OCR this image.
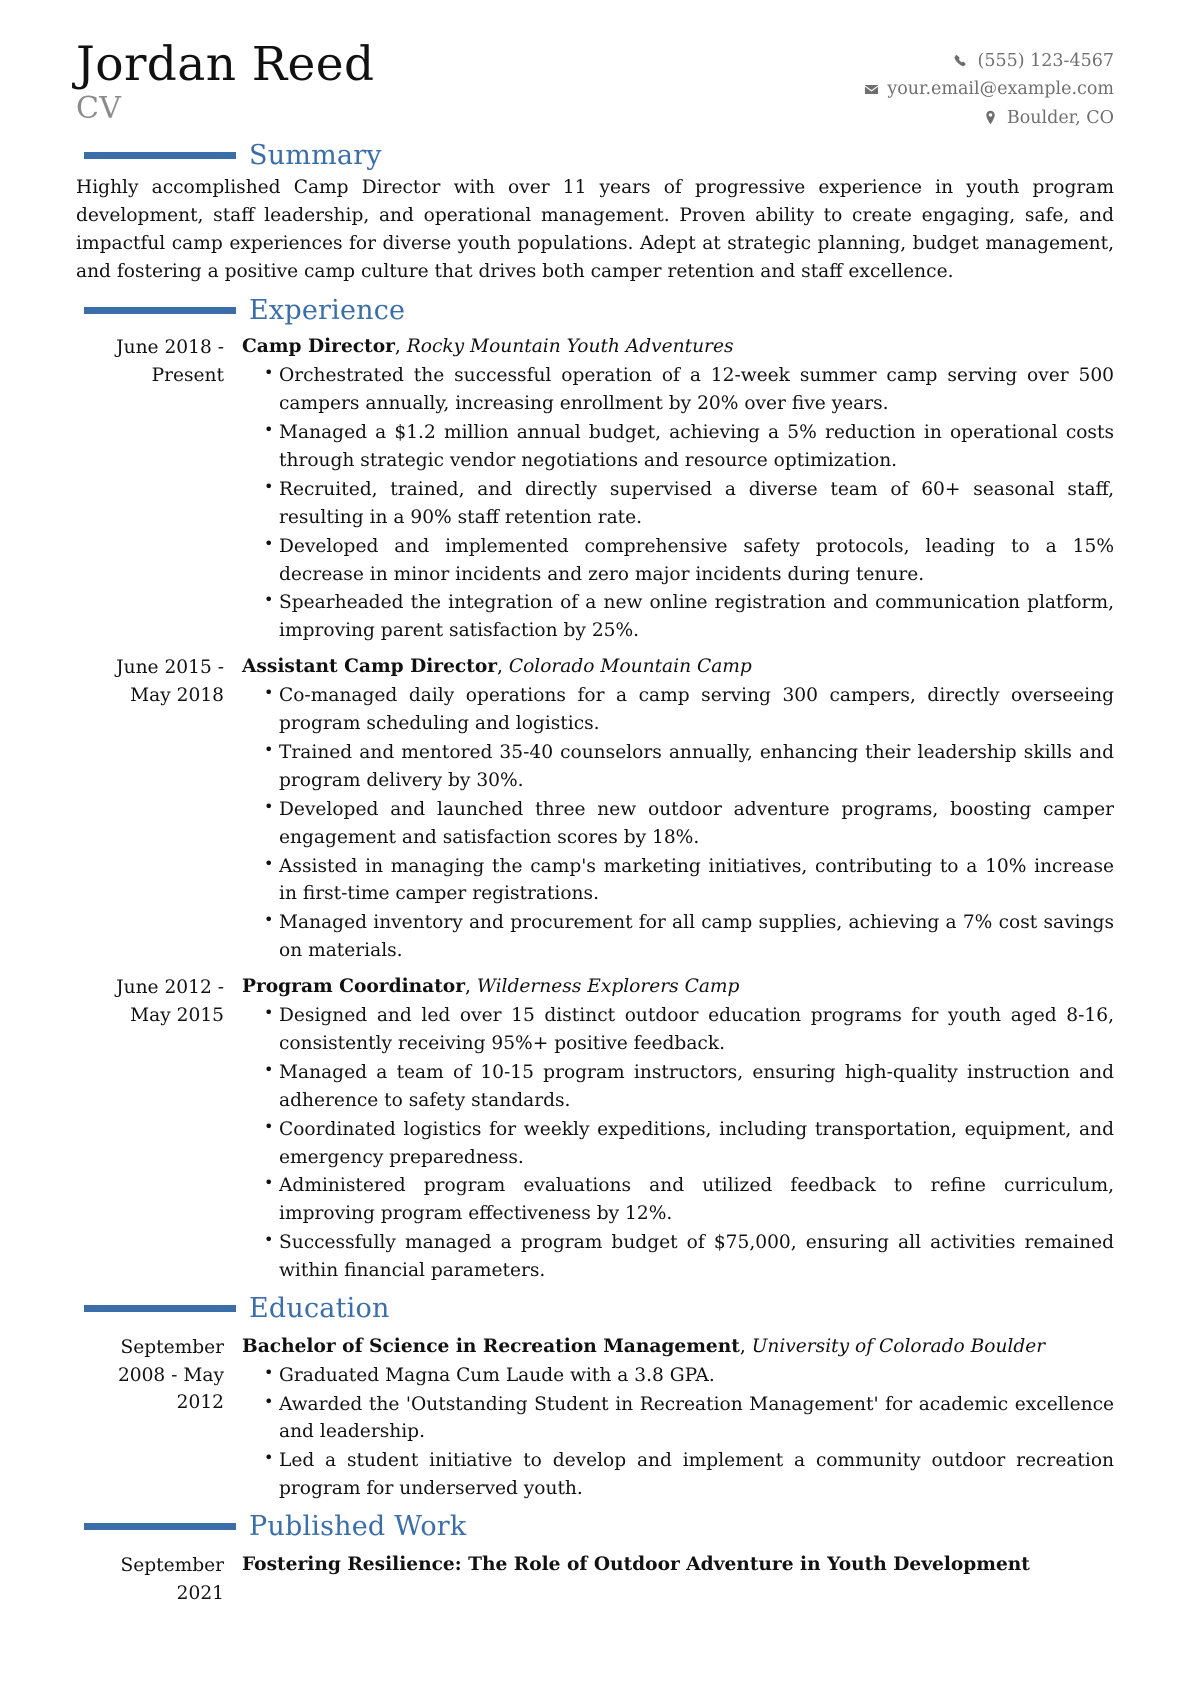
Jordan Reed
CV
(555) 123-4567
your.email@example.com
Boulder, CO
Summary

Highly accomplished Camp Director with over 11 years of progressive experience in youth program development, staff leadership, and operational management. Proven ability to create engaging, safe, and impactful camp experiences for diverse youth populations. Adept at strategic planning, budget management, and fostering a positive camp culture that drives both camper retention and staff excellence.

Experience
June 2018 - Present
Camp Director, Rocky Mountain Youth Adventures
• Orchestrated the successful operation of a 12-week summer camp serving over 500 campers annually, increasing enrollment by 20% over five years.
• Managed a $1.2 million annual budget, achieving a 5% reduction in operational costs through strategic vendor negotiations and resource optimization.
• Recruited, trained, and directly supervised a diverse team of 60+ seasonal staff, resulting in a 90% staff retention rate.
• Developed and implemented comprehensive safety protocols, leading to a 15% decrease in minor incidents and zero major incidents during tenure.
• Spearheaded the integration of a new online registration and communication platform, improving parent satisfaction by 25%.
June 2015 - May 2018
Assistant Camp Director, Colorado Mountain Camp
• Co-managed daily operations for a camp serving 300 campers, directly overseeing program scheduling and logistics.
• Trained and mentored 35-40 counselors annually, enhancing their leadership skills and program delivery by 30%.
• Developed and launched three new outdoor adventure programs, boosting camper engagement and satisfaction scores by 18%.
• Assisted in managing the camp's marketing initiatives, contributing to a 10% increase in first-time camper registrations.
• Managed inventory and procurement for all camp supplies, achieving a 7% cost savings on materials.
June 2012 - May 2015
Program Coordinator, Wilderness Explorers Camp
• Designed and led over 15 distinct outdoor education programs for youth aged 8-16, consistently receiving 95%+ positive feedback.
• Managed a team of 10-15 program instructors, ensuring high-quality instruction and adherence to safety standards.
• Coordinated logistics for weekly expeditions, including transportation, equipment, and emergency preparedness.
• Administered program evaluations and utilized feedback to refine curriculum, improving program effectiveness by 12%.
• Successfully managed a program budget of $75,000, ensuring all activities remained within financial parameters.
Education
September 2008 - May 2012
Bachelor of Science in Recreation Management, University of Colorado Boulder
• Graduated Magna Cum Laude with a 3.8 GPA.
• Awarded the 'Outstanding Student in Recreation Management' for academic excellence and leadership.
• Led a student initiative to develop and implement a community outdoor recreation program for underserved youth.
Published Work
September 2021
Fostering Resilience: The Role of Outdoor Adventure in Youth Development
